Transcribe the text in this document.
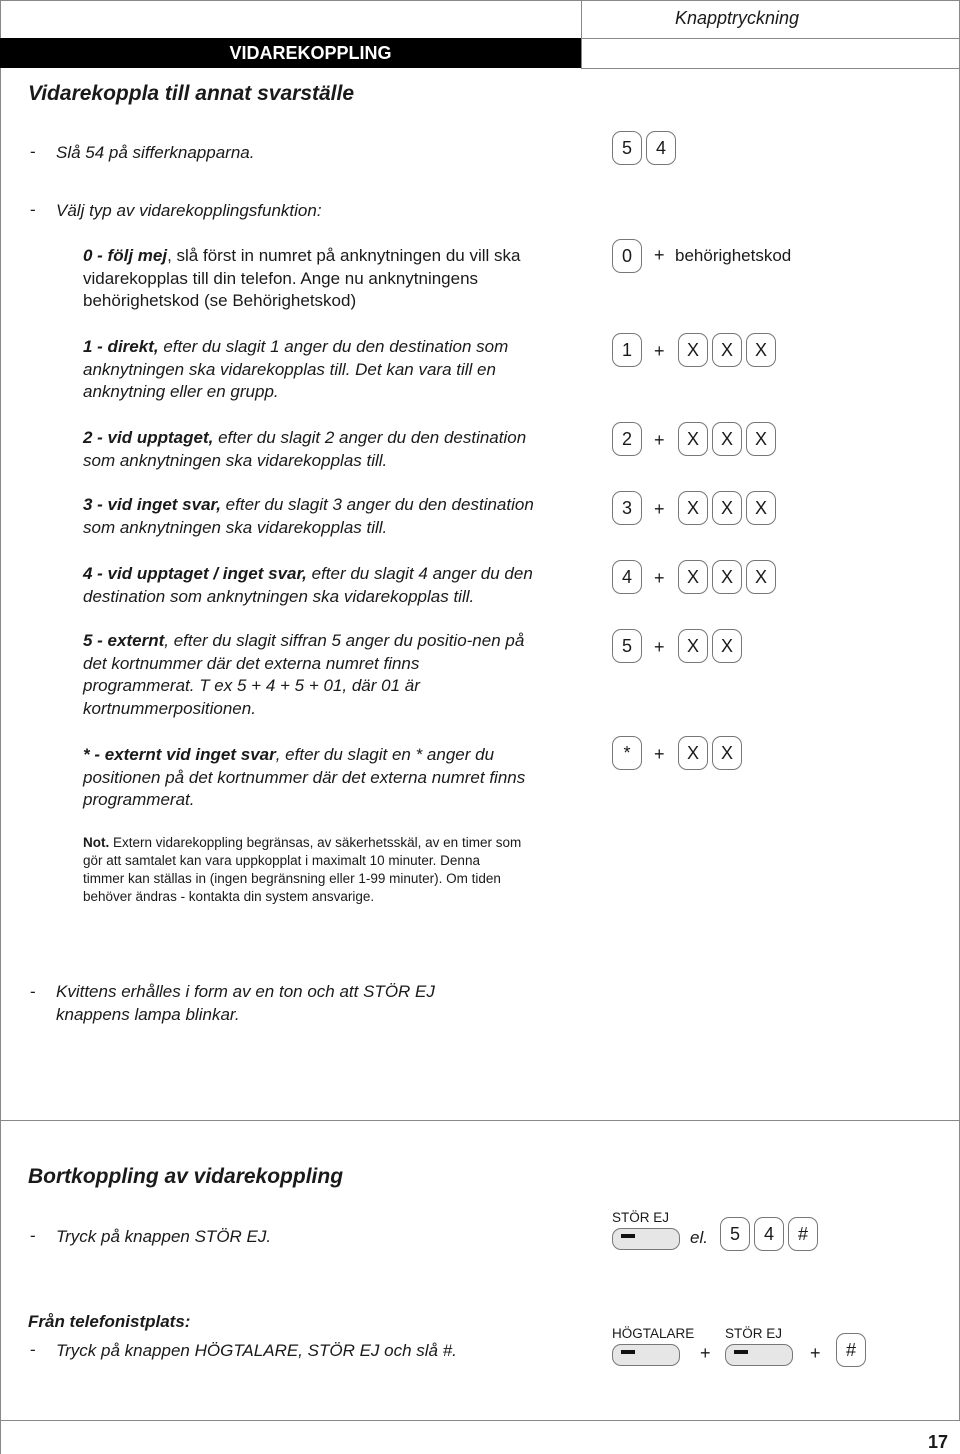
VIDAREKOPPLING
Knapptryckning
Vidarekoppla till annat svarställe
- Slå 54 på sifferknapparna.	5	4
- Välj typ av vidarekopplingsfunktion:
0 - följ mej, slå först in numret på anknytningen du vill ska vidarekopplas till din telefon. Ange nu anknytningens behörighetskod (se Behörighetskod)
0	+ behörighetskod
1 - direkt, efter du slagit 1 anger du den destination som anknytningen ska vidarekopplas till. Det kan vara till en anknytning eller en grupp.
1	+	X	X	X
2 - vid upptaget, efter du slagit 2 anger du den destination som anknytningen ska vidarekopplas till.
2	+	X	X	X
3 - vid inget svar, efter du slagit 3 anger du den destination som anknytningen ska vidarekopplas till.
3	+	X	X	X
4 - vid upptaget / inget svar, efter du slagit 4 anger du den destination som anknytningen ska vidarekopplas till.
4	+	X	X	X
5 - externt, efter du slagit siffran 5 anger du positio-nen på det kortnummer där det externa numret finns programmerat. T ex 5 + 4 + 5 + 01, där 01 är kortnummerpositionen.
5	+	X	X
* - externt vid inget svar, efter du slagit en * anger du positionen på det kortnummer där det externa numret finns programmerat.
*	+	X	X
Not. Extern vidarekoppling begränsas, av säkerhetsskäl, av en timer som gör att samtalet kan vara uppkopplat i maximalt 10 minuter. Denna timmer kan ställas in (ingen begränsning eller 1-99 minuter). Om tiden behöver ändras - kontakta din system ansvarige.
- Kvittens erhålles i form av en ton och att STÖR EJ knappens lampa blinkar.
Bortkoppling av vidarekoppling
- Tryck på knappen STÖR EJ.
STÖR EJ
el.	5	4	#
Från telefonistplats:
- Tryck på knappen HÖGTALARE, STÖR EJ och slå #.
HÖGTALARE
+
STÖR EJ
+	#
17
